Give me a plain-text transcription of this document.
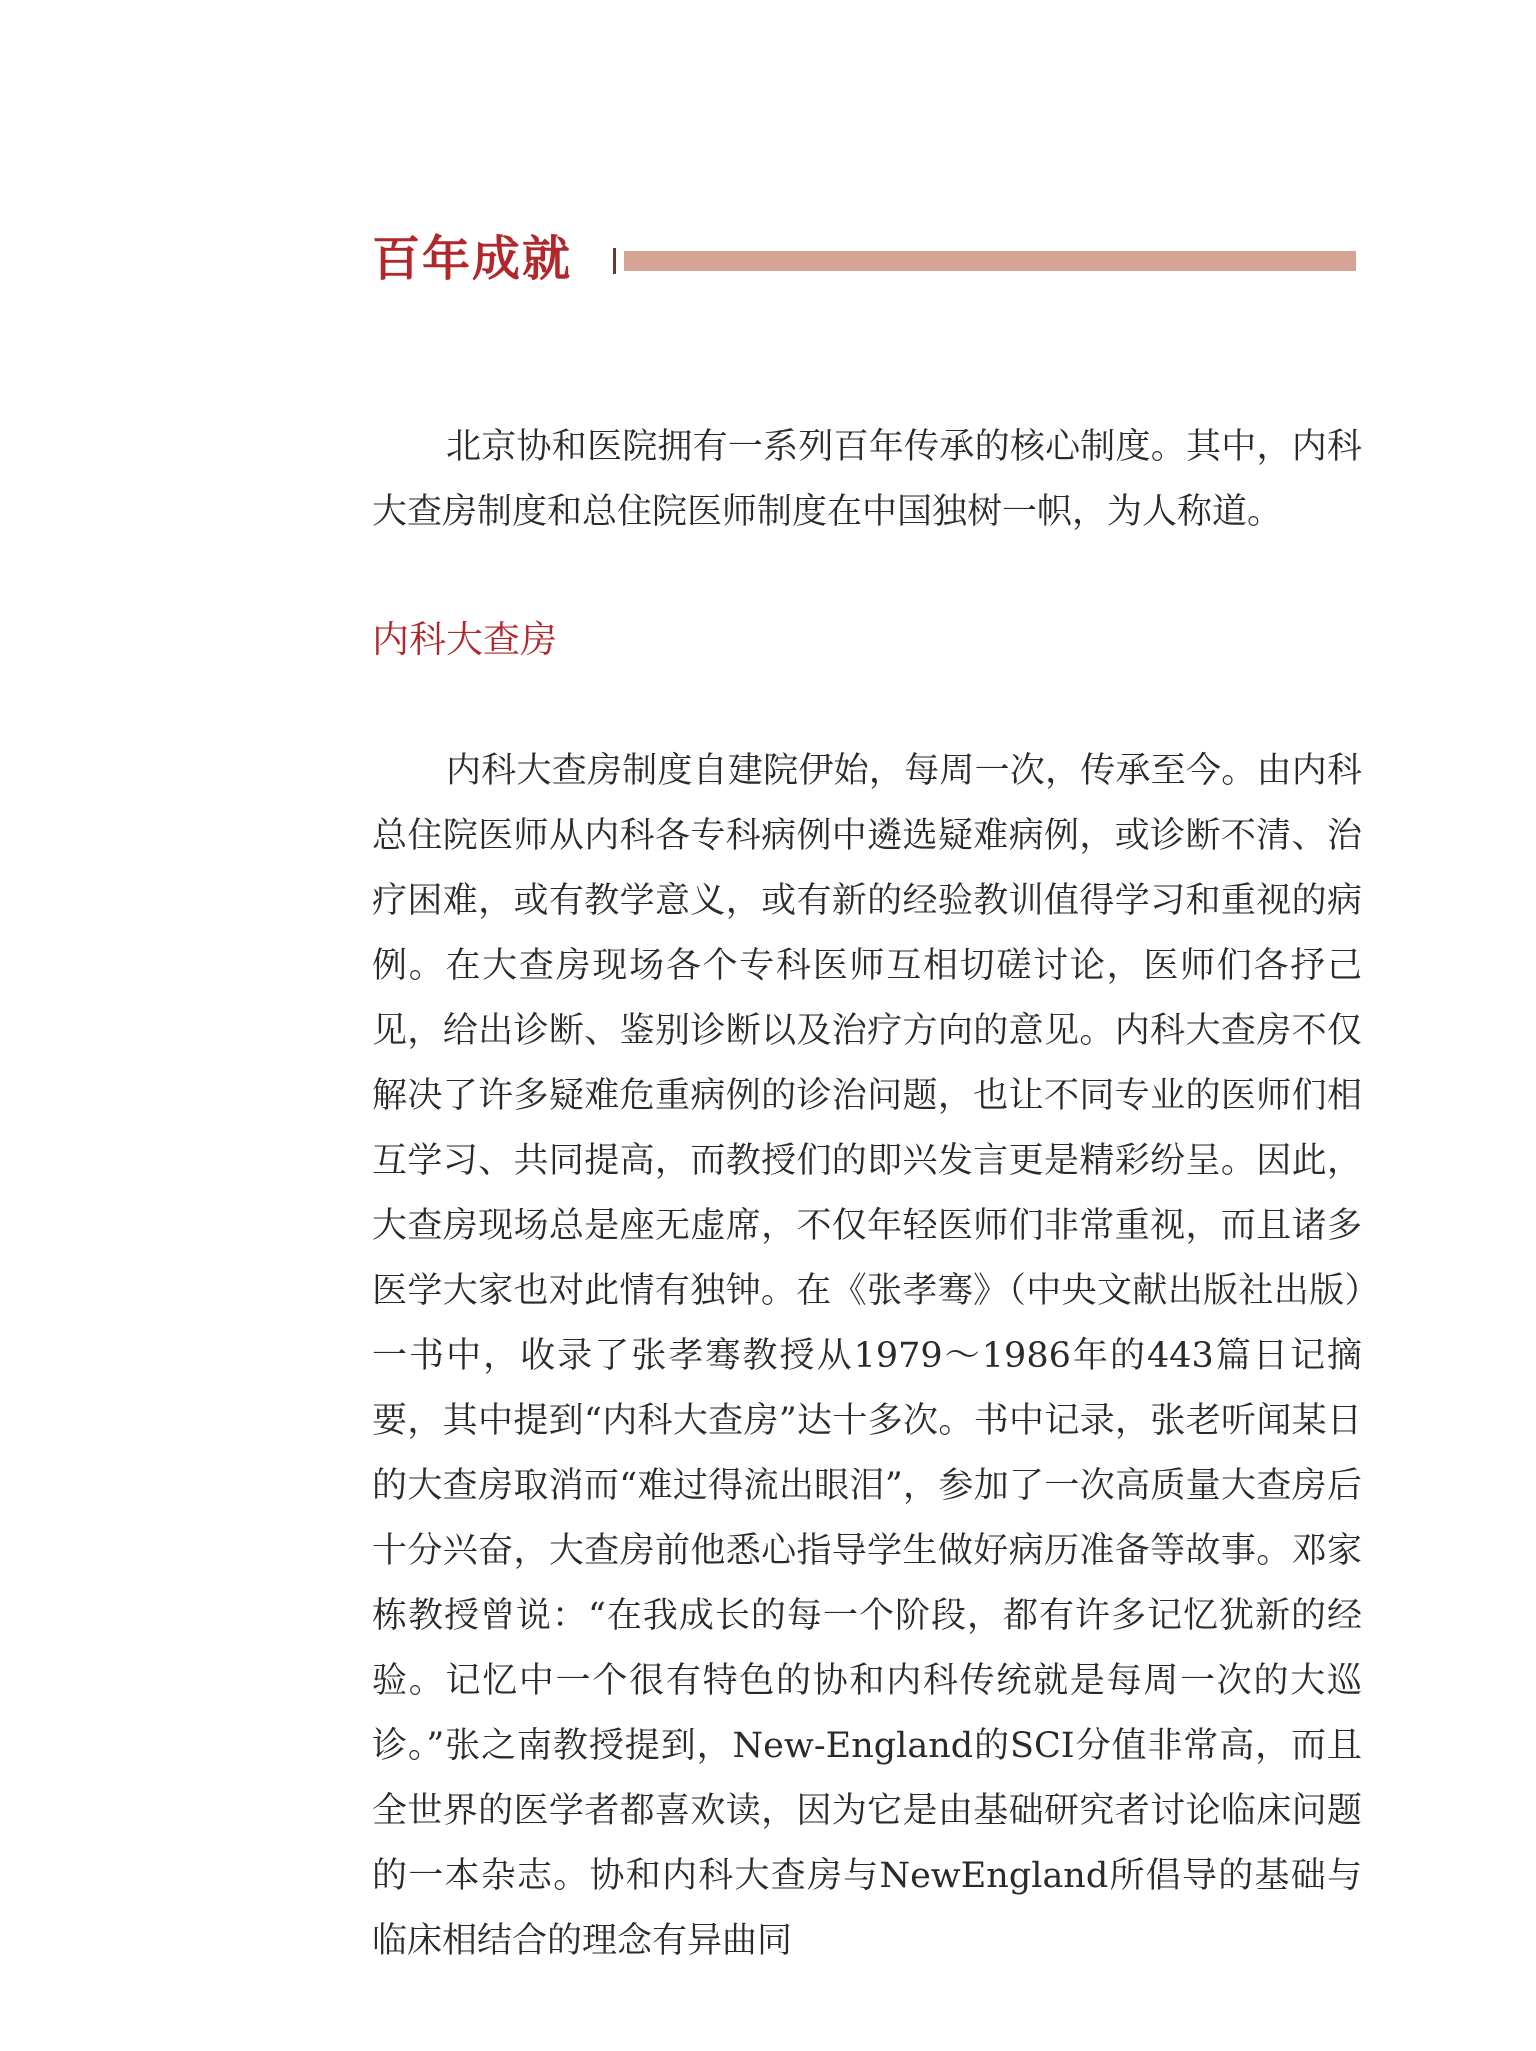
百年成就

北京协和医院拥有一系列百年传承的核心制度。其中，内科大查房制度和总住院医师制度在中国独树一帜，为人称道。

内科大查房

内科大查房制度自建院伊始，每周一次，传承至今。由内科总住院医师从内科各专科病例中遴选疑难病例，或诊断不清、治疗困难，或有教学意义，或有新的经验教训值得学习和重视的病例。在大查房现场各个专科医师互相切磋讨论，医师们各抒己见，给出诊断、鉴别诊断以及治疗方向的意见。内科大查房不仅解决了许多疑难危重病例的诊治问题，也让不同专业的医师们相互学习、共同提高，而教授们的即兴发言更是精彩纷呈。因此，大查房现场总是座无虚席，不仅年轻医师们非常重视，而且诸多医学大家也对此情有独钟。在《张孝骞》（中央文献出版社出版）一书中，收录了张孝骞教授从1979～1986年的443篇日记摘要，其中提到“内科大查房”达十多次。书中记录，张老听闻某日的大查房取消而“难过得流出眼泪”，参加了一次高质量大查房后十分兴奋，大查房前他悉心指导学生做好病历准备等故事。邓家栋教授曾说：“在我成长的每一个阶段，都有许多记忆犹新的经验。记忆中一个很有特色的协和内科传统就是每周一次的大巡诊。”张之南教授提到，New-England的SCI分值非常高，而且全世界的医学者都喜欢读，因为它是由基础研究者讨论临床问题的一本杂志。协和内科大查房与NewEngland所倡导的基础与临床相结合的理念有异曲同
